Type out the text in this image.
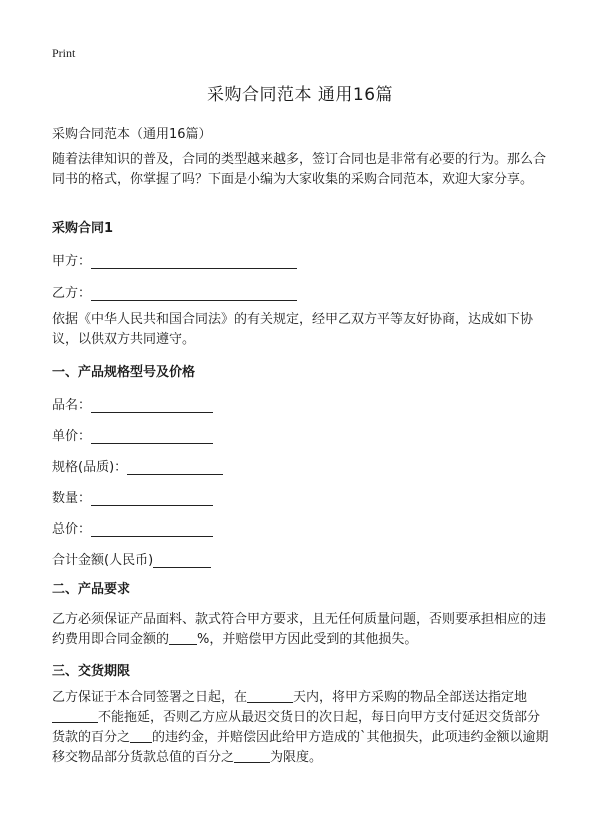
Print
采购合同范本 通用16篇
采购合同范本（通用16篇）
随着法律知识的普及，合同的类型越来越多，签订合同也是非常有必要的行为。那么合同书的格式，你掌握了吗？下面是小编为大家收集的采购合同范本，欢迎大家分享。
采购合同1
甲方：
乙方：
依据《中华人民共和国合同法》的有关规定，经甲乙双方平等友好协商，达成如下协议，以供双方共同遵守。
一、产品规格型号及价格
品名：
单价：
规格(品质)：
数量：
总价：
合计金额(人民币)
二、产品要求
乙方必须保证产品面料、款式符合甲方要求，且无任何质量问题，否则要承担相应的违约费用即合同金额的 %，并赔偿甲方因此受到的其他损失。
三、交货期限
乙方保证于本合同签署之日起，在	天内，将甲方采购的物品全部送达指定地不能拖延，否则乙方应从最迟交货日的次日起，每日向甲方支付延迟交货部分货款的百分之 的违约金，并赔偿因此给甲方造成的`其他损失，此项违约金额以逾期移交物品部分货款总值的百分之	为限度。
